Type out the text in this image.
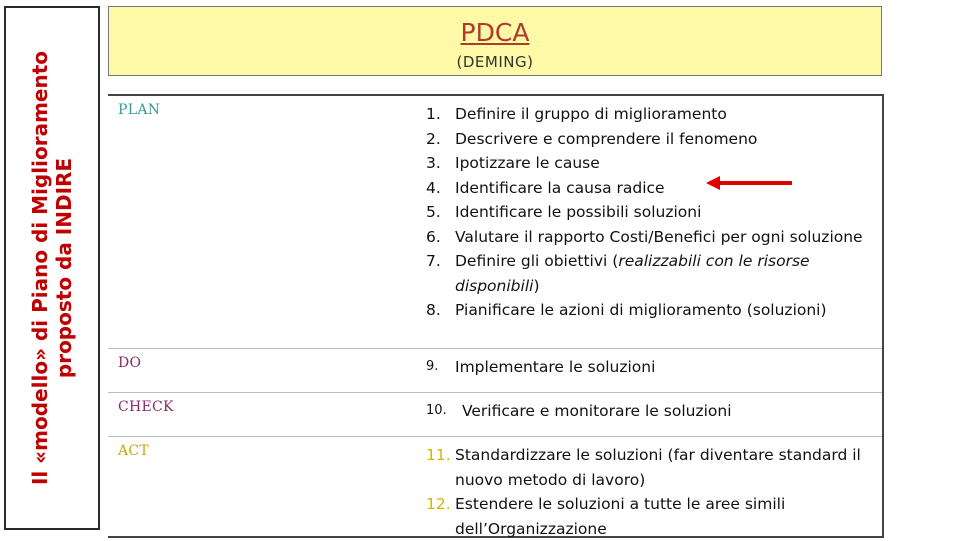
Il «modello» di Piano di Miglioramento proposto da INDIRE
PDCA
(DEMING)
PLAN	1. Definire il gruppo di miglioramento
2. Descrivere e comprendere il fenomeno
3. Ipotizzare le cause
4. Identificare la causa radice
5. Identificare le possibili soluzioni
6. Valutare il rapporto Costi/Benefici per ogni soluzione
7. Definire gli obiettivi (realizzabili con le risorse disponibili)
8. Pianificare le azioni di miglioramento (soluzioni)
DO	9.	Implementare le soluzioni
CHECK	10. Verificare e monitorare le soluzioni
ACT	11. Standardizzare le soluzioni (far diventare standard il nuovo metodo di lavoro)
12. Estendere le soluzioni a tutte le aree simili dell’Organizzazione
